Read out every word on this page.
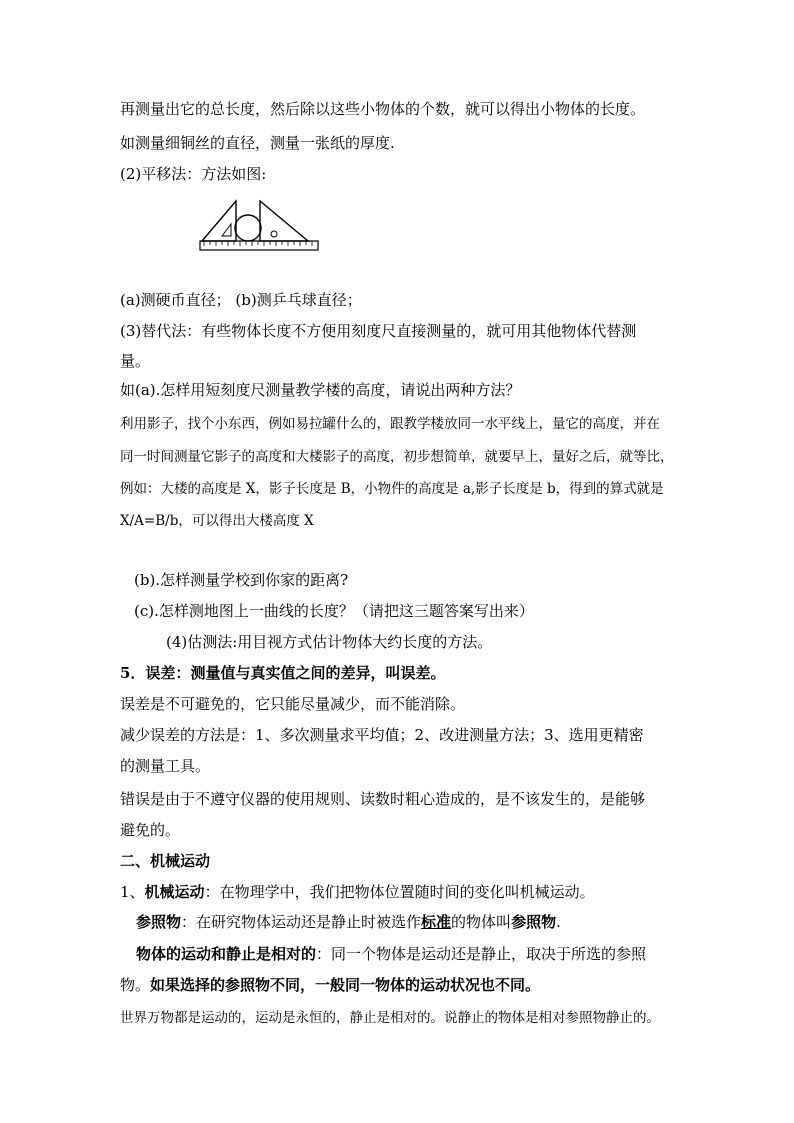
再测量出它的总长度，然后除以这些小物体的个数，就可以得出小物体的长度。
如测量细铜丝的直径，测量一张纸的厚度.
(2)平移法：方法如图:
(a)测硬币直径； (b)测乒乓球直径；
(3)替代法：有些物体长度不方便用刻度尺直接测量的，就可用其他物体代替测
量。
如(a).怎样用短刻度尺测量教学楼的高度，请说出两种方法？
利用影子，找个小东西，例如易拉罐什么的，跟教学楼放同一水平线上，量它的高度，并在
同一时间测量它影子的高度和大楼影子的高度，初步想简单，就要早上，量好之后，就等比，
例如：大楼的高度是 X，影子长度是 B，小物件的高度是 a,影子长度是 b，得到的算式就是
X/A=B/b，可以得出大楼高度 X
(b).怎样测量学校到你家的距离?
(c).怎样测地图上一曲线的长度？（请把这三题答案写出来）
(4)估测法:用目视方式估计物体大约长度的方法。
5．误差：测量值与真实值之间的差异，叫误差。
误差是不可避免的，它只能尽量减少，而不能消除。
减少误差的方法是：1、多次测量求平均值；2、改进测量方法；3、选用更精密
的测量工具。
错误是由于不遵守仪器的使用规则、读数时粗心造成的，是不该发生的，是能够
避免的。
二、机械运动
1、机械运动：在物理学中，我们把物体位置随时间的变化叫机械运动。
参照物：在研究物体运动还是静止时被选作标准的物体叫参照物.
物体的运动和静止是相对的：同一个物体是运动还是静止，取决于所选的参照
物。如果选择的参照物不同，一般同一物体的运动状况也不同。
世界万物都是运动的，运动是永恒的，静止是相对的。说静止的物体是相对参照物静止的。
